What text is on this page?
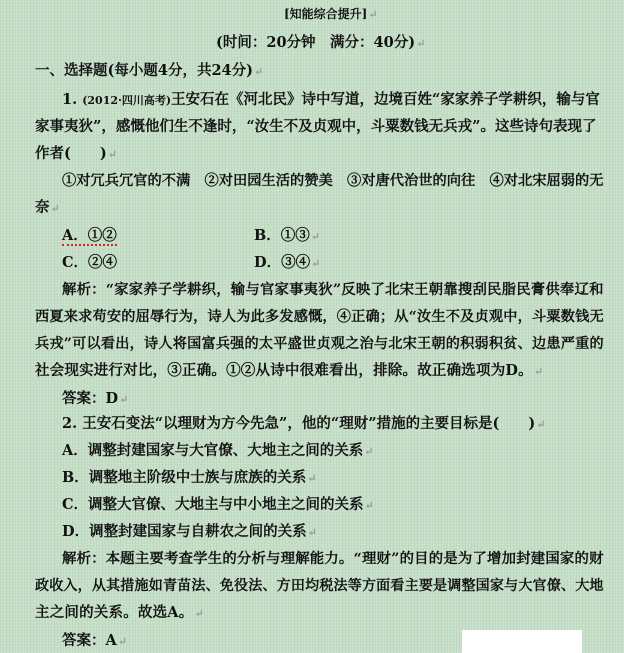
[知能综合提升]↵
(时间：20分钟　满分：40分)↵
一、选择题(每小题4分，共24分)↵
1. (2012·四川高考)王安石在《河北民》诗中写道，边境百姓“家家养子学耕织，输与官
家事夷狄”，感慨他们生不逢时，“汝生不及贞观中，斗粟数钱无兵戎”。这些诗句表现了
作者(　　)↵
①对冗兵冗官的不满　②对田园生活的赞美　③对唐代治世的向往　④对北宋屈弱的无
奈↵
A．①②	B．①③↵
C．②④	D．③④↵
解析：“家家养子学耕织，输与官家事夷狄”反映了北宋王朝靠搜刮民脂民膏供奉辽和
西夏来求苟安的屈辱行为，诗人为此多发感慨，④正确；从“汝生不及贞观中，斗粟数钱无
兵戎”可以看出，诗人将国富兵强的太平盛世贞观之治与北宋王朝的积弱积贫、边患严重的
社会现实进行对比，③正确。①②从诗中很难看出，排除。故正确选项为D。↵
答案：D↵
2. 王安石变法“以理财为方今先急”，他的“理财”措施的主要目标是(　　)↵
A．调整封建国家与大官僚、大地主之间的关系↵
B．调整地主阶级中士族与庶族的关系↵
C．调整大官僚、大地主与中小地主之间的关系↵
D．调整封建国家与自耕农之间的关系↵
解析：本题主要考查学生的分析与理解能力。“理财”的目的是为了增加封建国家的财
政收入，从其措施如青苗法、免役法、方田均税法等方面看主要是调整国家与大官僚、大地
主之间的关系。故选A。↵
答案：A↵
